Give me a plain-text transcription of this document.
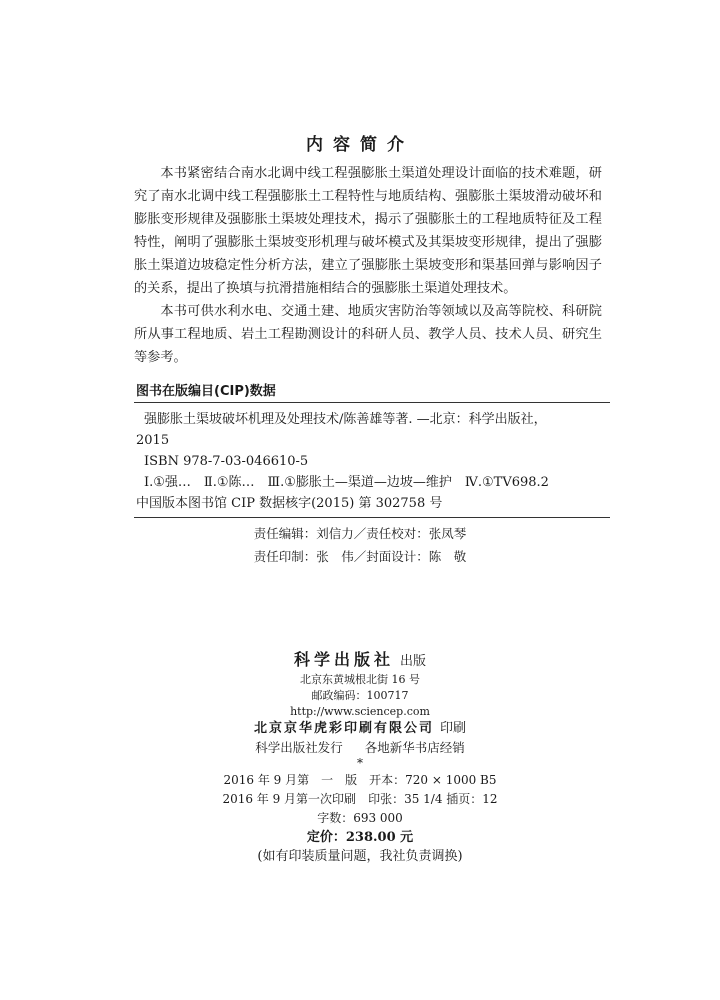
内容简介

本书紧密结合南水北调中线工程强膨胀土渠道处理设计面临的技术难题，研究了南水北调中线工程强膨胀土工程特性与地质结构、强膨胀土渠坡滑动破坏和膨胀变形规律及强膨胀土渠坡处理技术，揭示了强膨胀土的工程地质特征及工程特性，阐明了强膨胀土渠坡变形机理与破坏模式及其渠坡变形规律，提出了强膨胀土渠道边坡稳定性分析方法，建立了强膨胀土渠坡变形和渠基回弹与影响因子的关系，提出了换填与抗滑措施相结合的强膨胀土渠道处理技术。

本书可供水利水电、交通土建、地质灾害防治等领域以及高等院校、科研院所从事工程地质、岩土工程勘测设计的科研人员、教学人员、技术人员、研究生等参考。

图书在版编目(CIP)数据
强膨胀土渠坡破坏机理及处理技术/陈善雄等著. —北京：科学出版社，
2015
ISBN 978-7-03-046610-5
Ⅰ.①强…　Ⅱ.①陈…　Ⅲ.①膨胀土—渠道—边坡—维护　Ⅳ.①TV698.2
中国版本图书馆 CIP 数据核字(2015) 第 302758 号
责任编辑：刘信力／责任校对：张凤琴
责任印制：张　伟／封面设计：陈　敬
科学出版社 出版
北京东黄城根北街 16 号
邮政编码：100717
http://www.sciencep.com
北京京华虎彩印刷有限公司 印刷
科学出版社发行 各地新华书店经销
*
2016 年 9 月第　一　版 开本：720 × 1000 B5
2016 年 9 月第一次印刷 印张：35 1/4 插页：12
字数：693 000
定价：238.00 元
(如有印装质量问题，我社负责调换)
